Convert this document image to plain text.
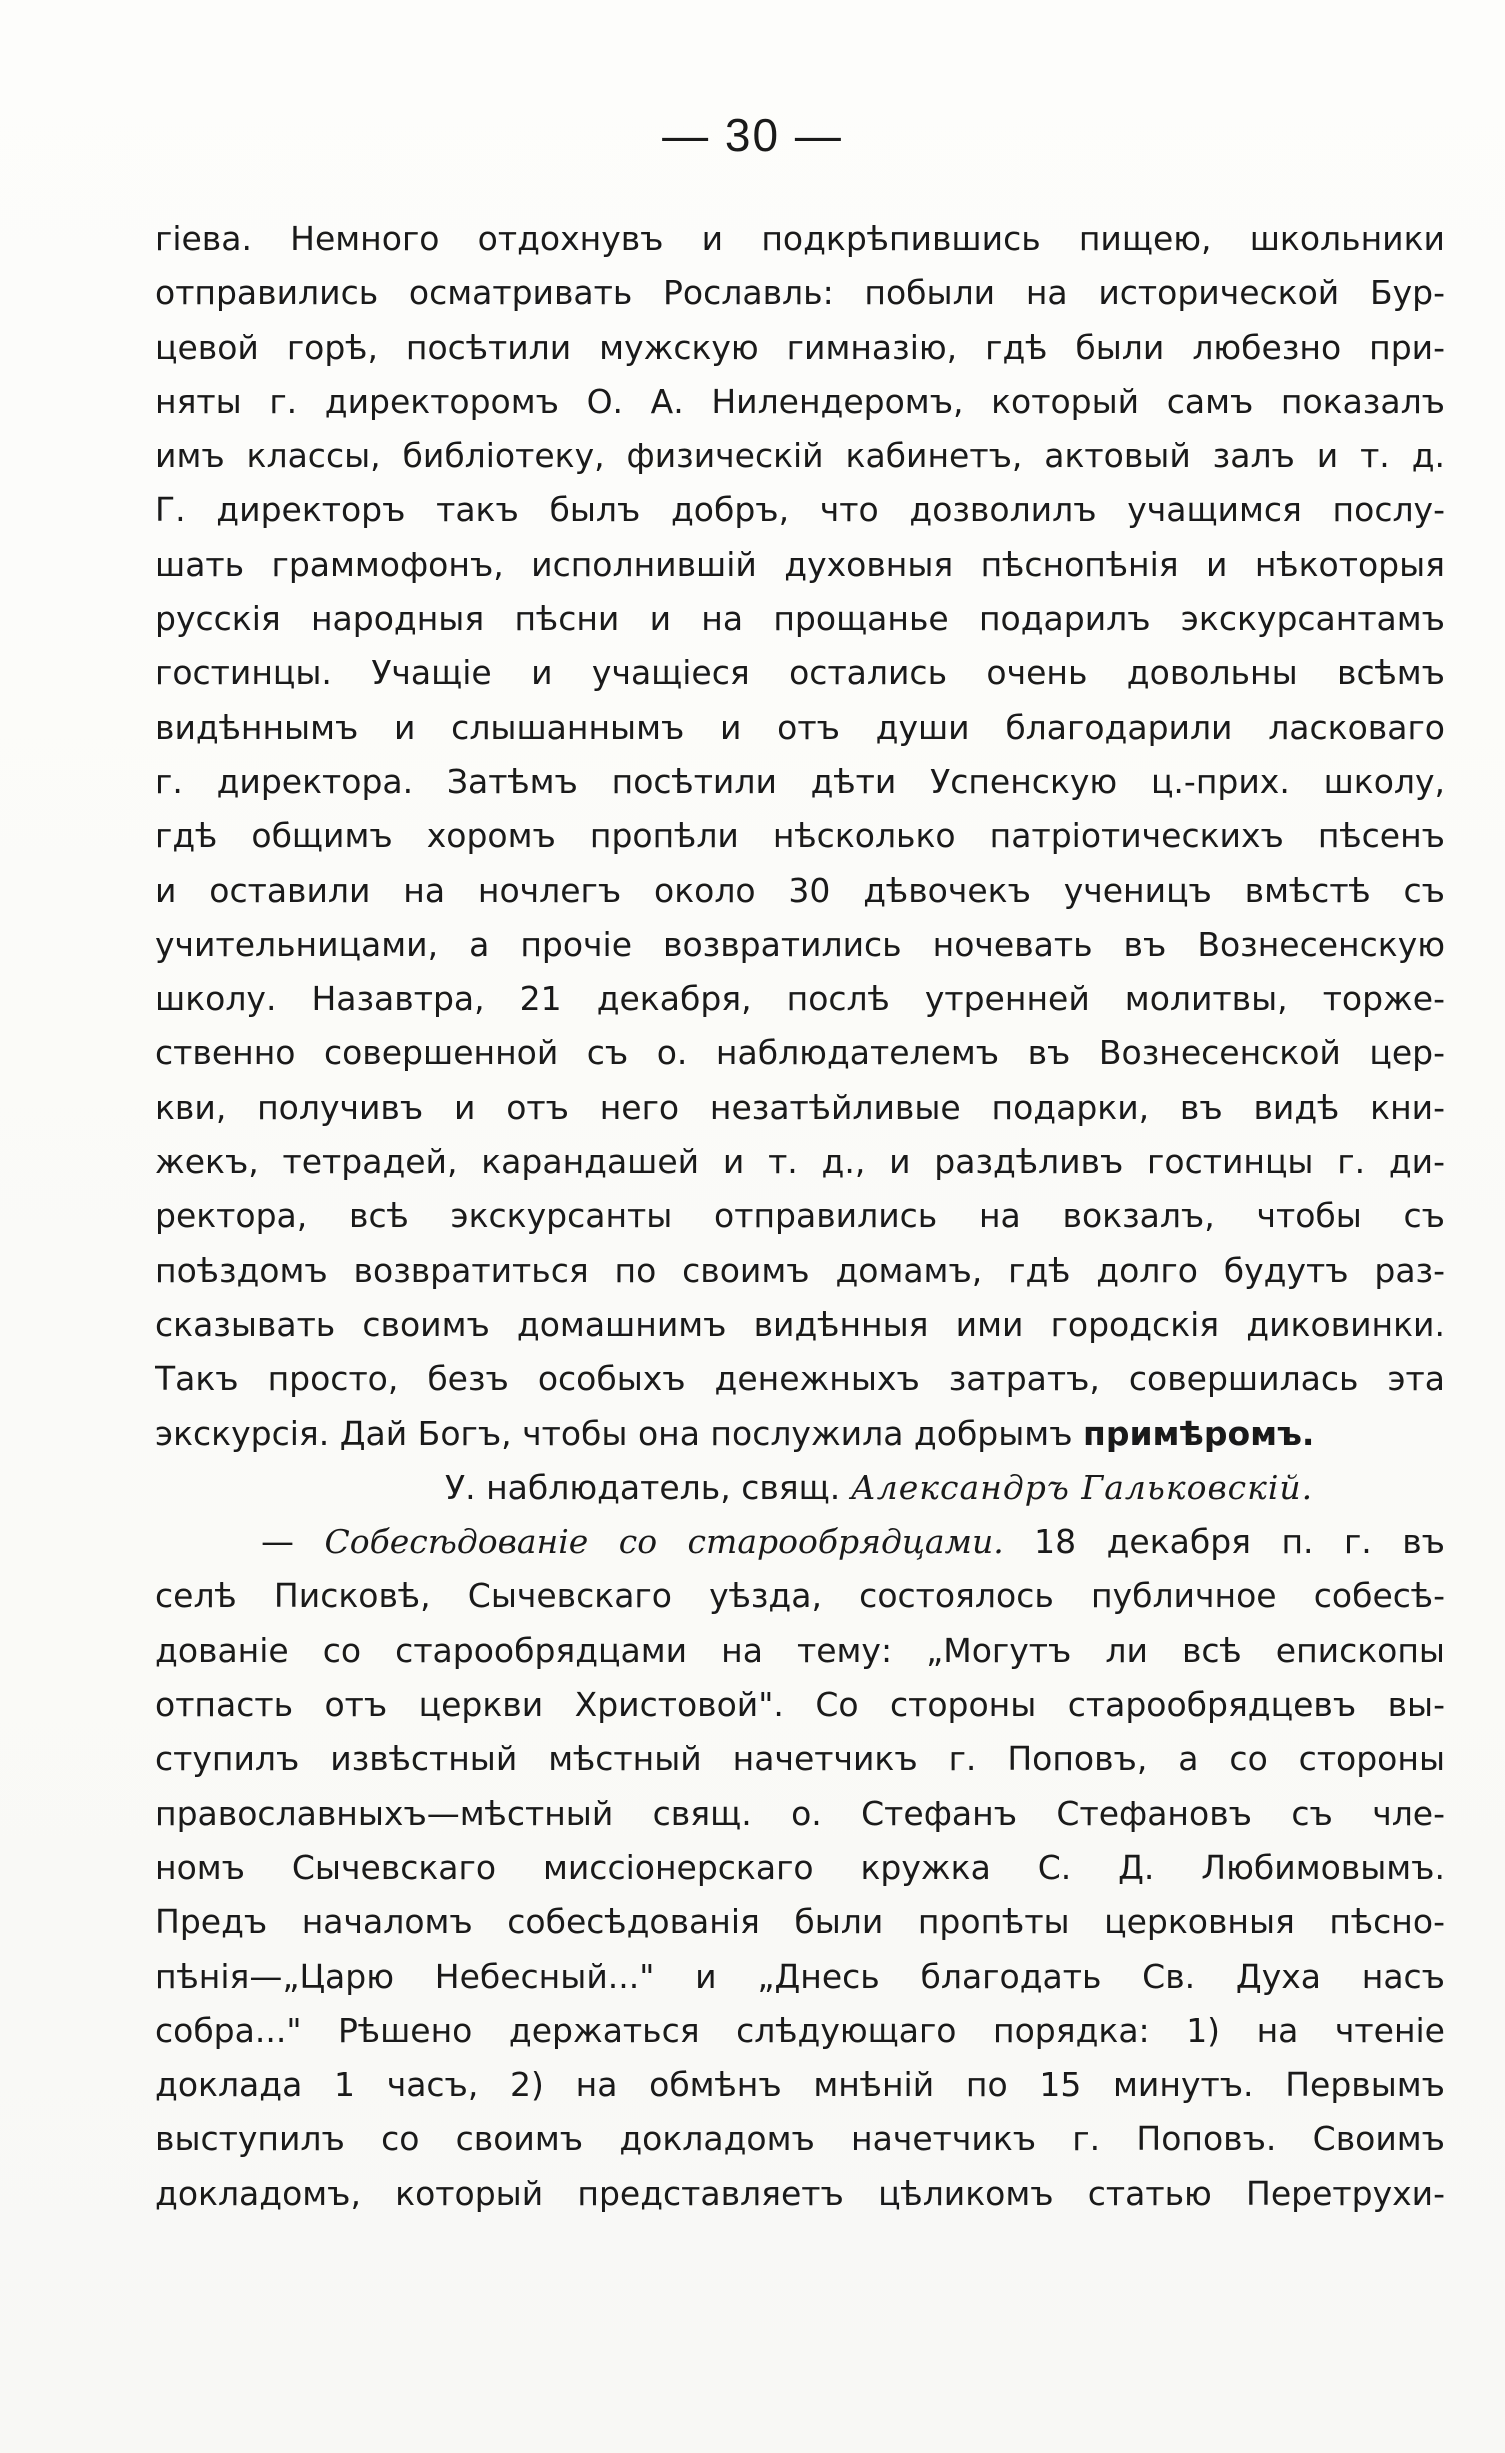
— 30 —
гіева. Немного отдохнувъ и подкрѣпившись пищею, школьники
отправились осматривать Рославль: побыли на исторической Бур-
цевой горѣ, посѣтили мужскую гимназію, гдѣ были любезно при-
няты г. директоромъ О. А. Нилендеромъ, который самъ показалъ
имъ классы, библіотеку, физическій кабинетъ, актовый залъ и т. д.
Г. директоръ такъ былъ добръ, что дозволилъ учащимся послу-
шать граммофонъ, исполнившій духовныя пѣснопѣнія и нѣкоторыя
русскія народныя пѣсни и на прощанье подарилъ экскурсантамъ
гостинцы. Учащіе и учащіеся остались очень довольны всѣмъ
видѣннымъ и слышаннымъ и отъ души благодарили ласковаго
г. директора. Затѣмъ посѣтили дѣти Успенскую ц.-прих. школу,
гдѣ общимъ хоромъ пропѣли нѣсколько патріотическихъ пѣсенъ
и оставили на ночлегъ около 30 дѣвочекъ ученицъ вмѣстѣ съ
учительницами, а прочіе возвратились ночевать въ Вознесенскую
школу. Назавтра, 21 декабря, послѣ утренней молитвы, торже-
ственно совершенной съ о. наблюдателемъ въ Вознесенской цер-
кви, получивъ и отъ него незатѣйливые подарки, въ видѣ кни-
жекъ, тетрадей, карандашей и т. д., и раздѣливъ гостинцы г. ди-
ректора, всѣ экскурсанты отправились на вокзалъ, чтобы съ
поѣздомъ возвратиться по своимъ домамъ, гдѣ долго будутъ раз-
сказывать своимъ домашнимъ видѣнныя ими городскія диковинки.
Такъ просто, безъ особыхъ денежныхъ затратъ, совершилась эта
экскурсія. Дай Богъ, чтобы она послужила добрымъ примѣромъ.
У. наблюдатель, свящ. Александръ Гальковскій.
— Собесѣдованіе со старообрядцами. 18 декабря п. г. въ
селѣ Писковѣ, Сычевскаго уѣзда, состоялось публичное собесѣ-
дованіе со старообрядцами на тему: „Могутъ ли всѣ епископы
отпасть отъ церкви Христовой". Со стороны старообрядцевъ вы-
ступилъ извѣстный мѣстный начетчикъ г. Поповъ, а со стороны
православныхъ—мѣстный свящ. о. Стефанъ Стефановъ съ чле-
номъ Сычевскаго миссіонерскаго кружка С. Д. Любимовымъ.
Предъ началомъ собесѣдованія были пропѣты церковныя пѣсно-
пѣнія—„Царю Небесный..." и „Днесь благодать Св. Духа насъ
собра..." Рѣшено держаться слѣдующаго порядка: 1) на чтеніе
доклада 1 часъ, 2) на обмѣнъ мнѣній по 15 минутъ. Первымъ
выступилъ со своимъ докладомъ начетчикъ г. Поповъ. Своимъ
докладомъ, который представляетъ цѣликомъ статью Перетрухи-
